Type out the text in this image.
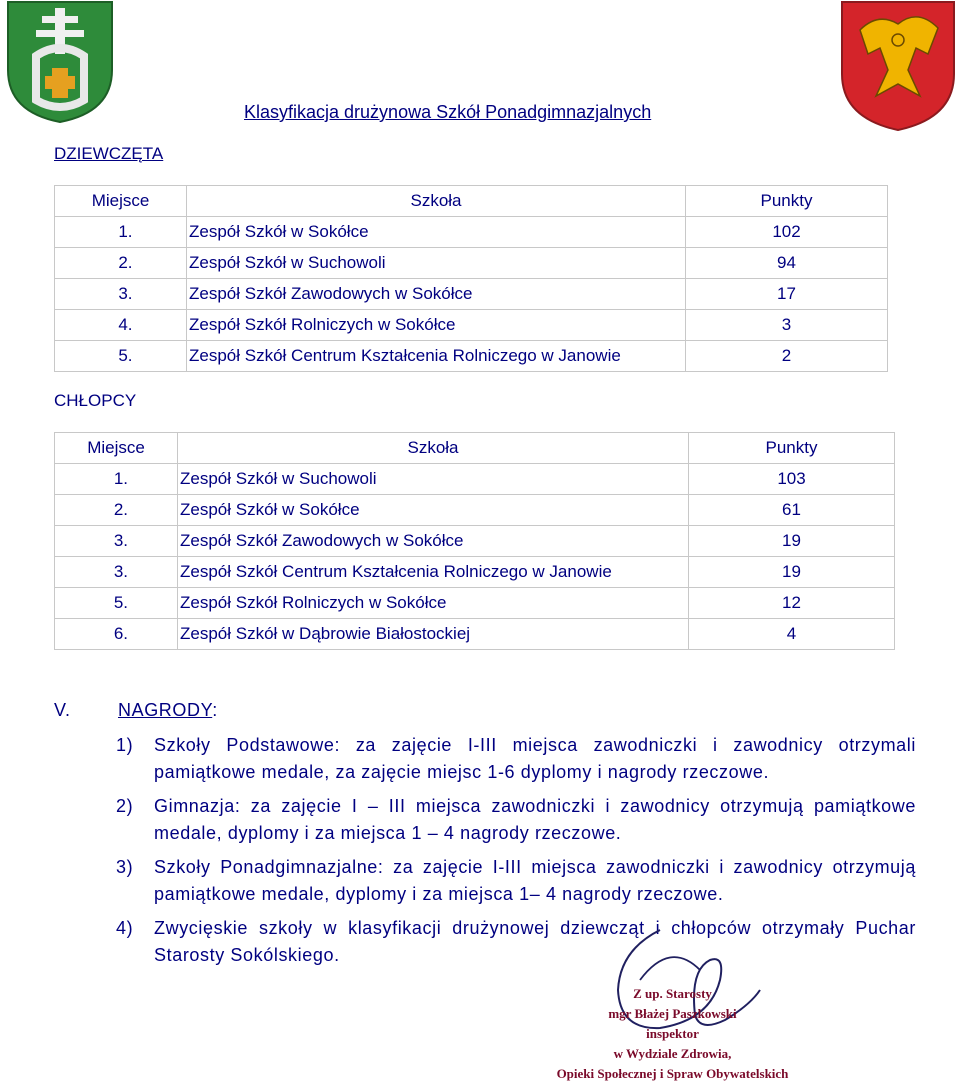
Klasyfikacja drużynowa Szkół Ponadgimnazjalnych
DZIEWCZĘTA
Miejsce	Szkoła	Punkty
1.	Zespół Szkół w Sokółce	102
2.	Zespół Szkół w Suchowoli	94
3.	Zespół Szkół Zawodowych w Sokółce	17
4.	Zespół Szkół Rolniczych w Sokółce	3
5.	Zespół Szkół Centrum Kształcenia Rolniczego w Janowie	2
CHŁOPCY
Miejsce	Szkoła	Punkty
1.	Zespół Szkół w Suchowoli	103
2.	Zespół Szkół w Sokółce	61
3.	Zespół Szkół Zawodowych w Sokółce	19
3.	Zespół Szkół Centrum Kształcenia Rolniczego w Janowie	19
5.	Zespół Szkół Rolniczych w Sokółce	12
6.	Zespół Szkół w Dąbrowie Białostockiej	4
V.	NAGRODY:
1) Szkoły Podstawowe: za zajęcie I-III miejsca zawodniczki i zawodnicy otrzymali pamiątkowe medale, za zajęcie miejsc 1-6 dyplomy i nagrody rzeczowe.
2) Gimnazja: za zajęcie I – III miejsca zawodniczki i zawodnicy otrzymują pamiątkowe medale, dyplomy i za miejsca 1 – 4 nagrody rzeczowe.
3) Szkoły Ponadgimnazjalne: za zajęcie I-III miejsca zawodniczki i zawodnicy otrzymują pamiątkowe medale, dyplomy i za miejsca 1– 4 nagrody rzeczowe.
4) Zwycięskie szkoły w klasyfikacji drużynowej dziewcząt i chłopców otrzymały Puchar Starosty Sokólskiego.
Z up. Starosty
mgr Błażej Paszkowski
inspektor
w Wydziale Zdrowia,
Opieki Społecznej i Spraw Obywatelskich
